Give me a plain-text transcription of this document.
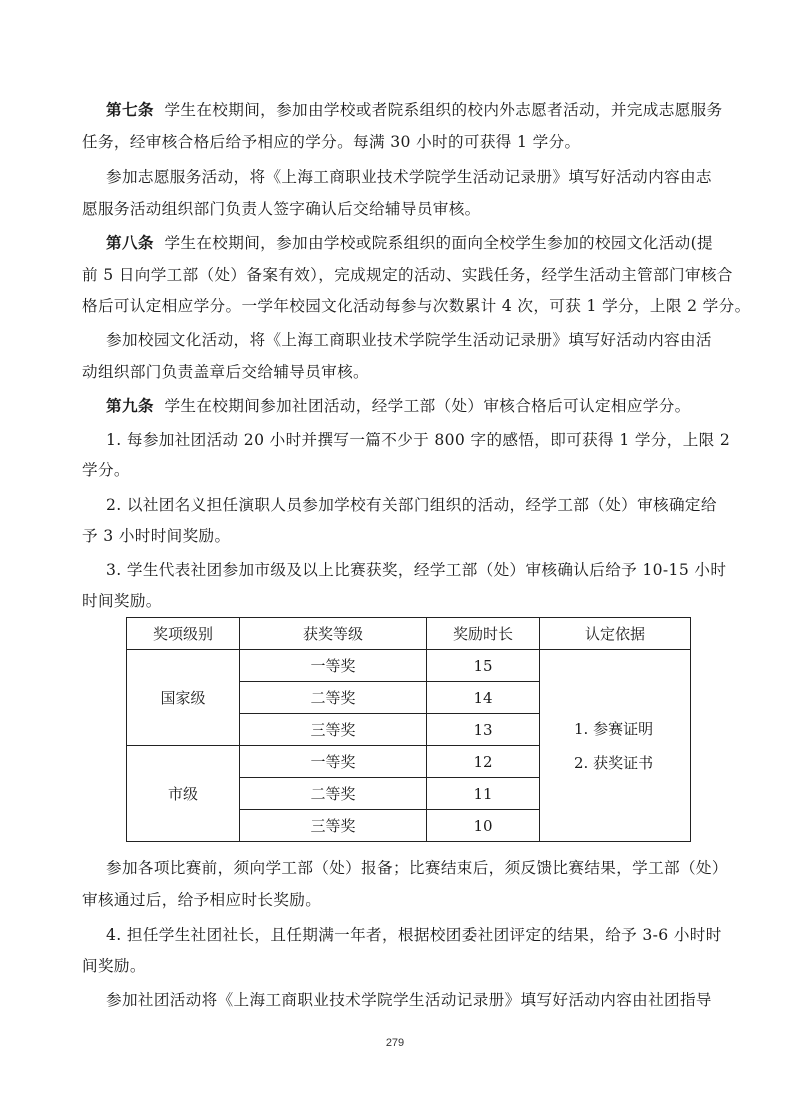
第七条 学生在校期间，参加由学校或者院系组织的校内外志愿者活动，并完成志愿服务
任务，经审核合格后给予相应的学分。每满 30 小时的可获得 1 学分。
参加志愿服务活动，将《上海工商职业技术学院学生活动记录册》填写好活动内容由志
愿服务活动组织部门负责人签字确认后交给辅导员审核。
第八条 学生在校期间，参加由学校或院系组织的面向全校学生参加的校园文化活动(提
前 5 日向学工部（处）备案有效），完成规定的活动、实践任务，经学生活动主管部门审核合
格后可认定相应学分。一学年校园文化活动每参与次数累计 4 次，可获 1 学分，上限 2 学分。
参加校园文化活动，将《上海工商职业技术学院学生活动记录册》填写好活动内容由活
动组织部门负责盖章后交给辅导员审核。
第九条 学生在校期间参加社团活动，经学工部（处）审核合格后可认定相应学分。
1. 每参加社团活动 20 小时并撰写一篇不少于 800 字的感悟，即可获得 1 学分，上限 2
学分。
2. 以社团名义担任演职人员参加学校有关部门组织的活动，经学工部（处）审核确定给
予 3 小时时间奖励。
3. 学生代表社团参加市级及以上比赛获奖，经学工部（处）审核确认后给予 10-15 小时
时间奖励。
奖项级别	获奖等级	奖励时长	认定依据
国家级	一等奖	15	1. 参赛证明
2. 获奖证书

	二等奖	14	
	三等奖	13	
市级	一等奖	12	
	二等奖	11	
	三等奖	10	
参加各项比赛前，须向学工部（处）报备；比赛结束后，须反馈比赛结果，学工部（处）
审核通过后，给予相应时长奖励。
4. 担任学生社团社长，且任期满一年者，根据校团委社团评定的结果，给予 3-6 小时时
间奖励。
参加社团活动将《上海工商职业技术学院学生活动记录册》填写好活动内容由社团指导
279
